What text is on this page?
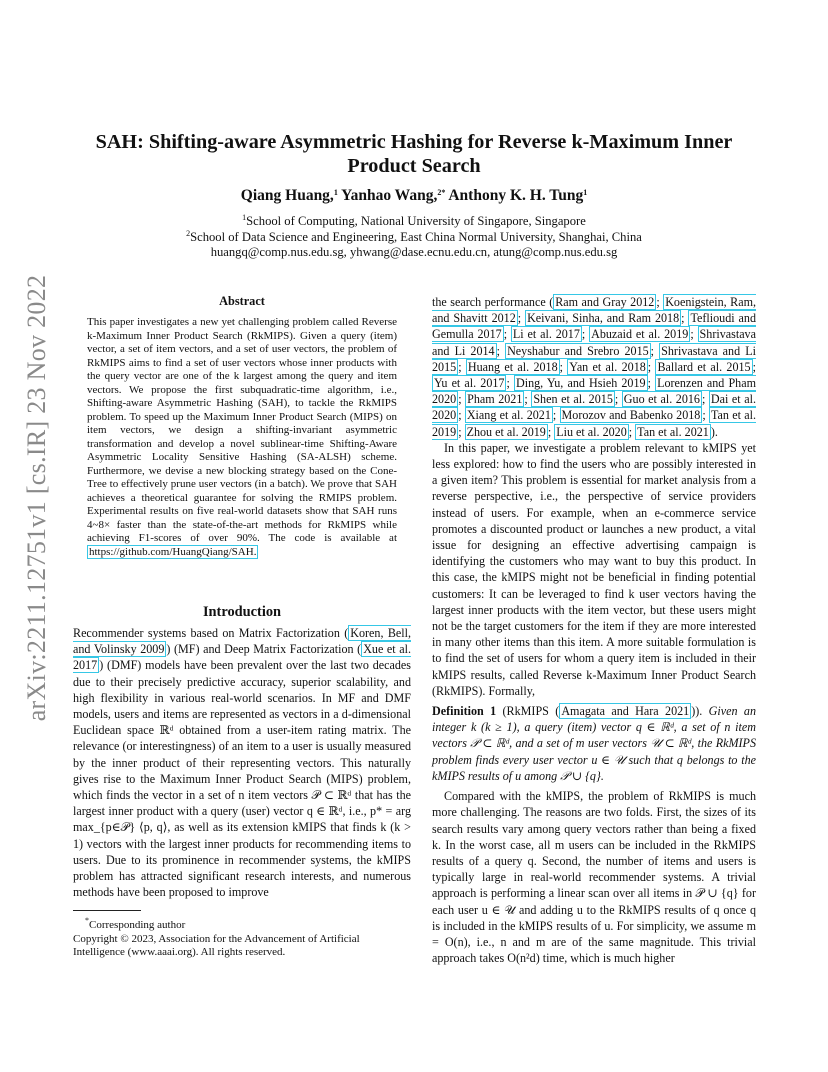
arXiv:2211.12751v1 [cs.IR] 23 Nov 2022
SAH: Shifting-aware Asymmetric Hashing for Reverse k-Maximum Inner Product Search
Qiang Huang,$^1$ Yanhao Wang,$^{2*}$ Anthony K. H. Tung$^1$
$^1$School of Computing, National University of Singapore, Singapore
$^2$School of Data Science and Engineering, East China Normal University, Shanghai, China
huangq@comp.nus.edu.sg, yhwang@dase.ecnu.edu.cn, atung@comp.nus.edu.sg
Abstract
This paper investigates a new yet challenging problem called Reverse k-Maximum Inner Product Search (RkMIPS). Given a query (item) vector, a set of item vectors, and a set of user vectors, the problem of RkMIPS aims to find a set of user vectors whose inner products with the query vector are one of the k largest among the query and item vectors. We propose the first subquadratic-time algorithm, i.e., Shifting-aware Asymmetric Hashing (SAH), to tackle the RkMIPS problem. To speed up the Maximum Inner Product Search (MIPS) on item vectors, we design a shifting-invariant asymmetric transformation and develop a novel sublinear-time Shifting-Aware Asymmetric Locality Sensitive Hashing (SA-ALSH) scheme. Furthermore, we devise a new blocking strategy based on the Cone-Tree to effectively prune user vectors (in a batch). We prove that SAH achieves a theoretical guarantee for solving the RMIPS problem. Experimental results on five real-world datasets show that SAH runs 4~8× faster than the state-of-the-art methods for RkMIPS while achieving F1-scores of over 90%. The code is available at https://github.com/HuangQiang/SAH.
Introduction

Recommender systems based on Matrix Factorization ( Koren, Bell, and Volinsky 2009 ) (MF) and Deep Matrix Factorization ( Xue et al. 2017 ) (DMF) models have been prevalent over the last two decades due to their precisely predictive accuracy, superior scalability, and high flexibility in various real-world scenarios. In MF and DMF models, users and items are represented as vectors in a d-dimensional Euclidean space ℝᵈ obtained from a user-item rating matrix. The relevance (or interestingness) of an item to a user is usually measured by the inner product of their representing vectors. This naturally gives rise to the Maximum Inner Product Search (MIPS) problem, which finds the vector in a set of n item vectors 𝒫 ⊂ ℝᵈ that has the largest inner product with a query (user) vector q ∈ ℝᵈ, i.e., p* = arg max_{p∈𝒫} ⟨p, q⟩, as well as its extension kMIPS that finds k (k > 1) vectors with the largest inner products for recommending items to users. Due to its prominence in recommender systems, the kMIPS problem has attracted significant research interests, and numerous methods have been proposed to improve

the search performance ( Ram and Gray 2012 ; Koenigstein, Ram, and Shavitt 2012 ; Keivani, Sinha, and Ram 2018 ; Teflioudi and Gemulla 2017 ; Li et al. 2017 ; Abuzaid et al. 2019 ; Shrivastava and Li 2014 ; Neyshabur and Srebro 2015 ; Shrivastava and Li 2015 ; Huang et al. 2018 ; Yan et al. 2018 ; Ballard et al. 2015 ; Yu et al. 2017 ; Ding, Yu, and Hsieh 2019 ; Lorenzen and Pham 2020 ; Pham 2021 ; Shen et al. 2015 ; Guo et al. 2016 ; Dai et al. 2020 ; Xiang et al. 2021 ; Morozov and Babenko 2018 ; Tan et al. 2019 ; Zhou et al. 2019 ; Liu et al. 2020 ; Tan et al. 2021 ).

In this paper, we investigate a problem relevant to kMIPS yet less explored: how to find the users who are possibly interested in a given item? This problem is essential for market analysis from a reverse perspective, i.e., the perspective of service providers instead of users. For example, when an e-commerce service promotes a discounted product or launches a new product, a vital issue for designing an effective advertising campaign is identifying the customers who may want to buy this product. In this case, the kMIPS might not be beneficial in finding potential customers: It can be leveraged to find k user vectors having the largest inner products with the item vector, but these users might not be the target customers for the item if they are more interested in many other items than this item. A more suitable formulation is to find the set of users for whom a query item is included in their kMIPS results, called Reverse k-Maximum Inner Product Search (RkMIPS). Formally,

Definition 1 (RkMIPS ( Amagata and Hara 2021 )). Given an integer k (k ≥ 1), a query (item) vector q ∈ ℝᵈ, a set of n item vectors 𝒫 ⊂ ℝᵈ, and a set of m user vectors 𝒰 ⊂ ℝᵈ, the RkMIPS problem finds every user vector u ∈ 𝒰 such that q belongs to the kMIPS results of u among 𝒫 ∪ {q}.

Compared with the kMIPS, the problem of RkMIPS is much more challenging. The reasons are two folds. First, the sizes of its search results vary among query vectors rather than being a fixed k. In the worst case, all m users can be included in the RkMIPS results of a query q. Second, the number of items and users is typically large in real-world recommender systems. A trivial approach is performing a linear scan over all items in 𝒫 ∪ {q} for each user u ∈ 𝒰 and adding u to the RkMIPS results of q once q is included in the kMIPS results of u. For simplicity, we assume m = O(n), i.e., n and m are of the same magnitude. This trivial approach takes O(n²d) time, which is much higher

*Corresponding author
Copyright © 2023, Association for the Advancement of Artificial Intelligence (www.aaai.org). All rights reserved.
